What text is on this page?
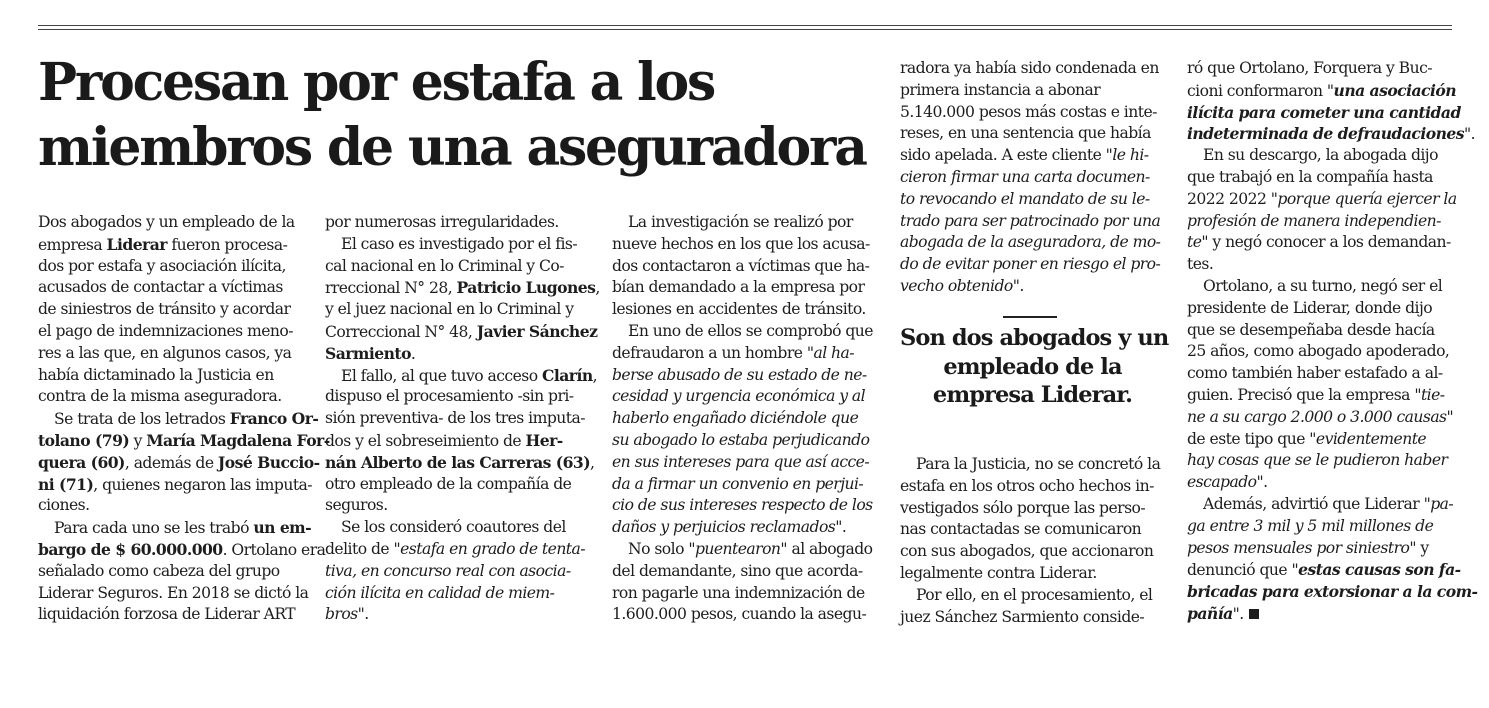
Procesan por estafa a los
miembros de una aseguradora
Dos abogados y un empleado de la
empresa Liderar fueron procesa-
dos por estafa y asociación ilícita,
acusados de contactar a víctimas
de siniestros de tránsito y acordar
el pago de indemnizaciones meno-
res a las que, en algunos casos, ya
había dictaminado la Justicia en
contra de la misma aseguradora.
Se trata de los letrados Franco Or-
tolano (79) y María Magdalena For-
quera (60), además de José Buccio-
ni (71), quienes negaron las imputa-
ciones.
Para cada uno se les trabó un em-
bargo de $ 60.000.000. Ortolano era
señalado como cabeza del grupo
Liderar Seguros. En 2018 se dictó la
liquidación forzosa de Liderar ART
por numerosas irregularidades.
El caso es investigado por el fis-
cal nacional en lo Criminal y Co-
rreccional N° 28, Patricio Lugones,
y el juez nacional en lo Criminal y
Correccional N° 48, Javier Sánchez
Sarmiento.
El fallo, al que tuvo acceso Clarín,
dispuso el procesamiento -sin pri-
sión preventiva- de los tres imputa-
dos y el sobreseimiento de Her-
nán Alberto de las Carreras (63),
otro empleado de la compañía de
seguros.
Se los consideró coautores del
delito de "estafa en grado de tenta-
tiva, en concurso real con asocia-
ción ilícita en calidad de miem-
bros".
La investigación se realizó por
nueve hechos en los que los acusa-
dos contactaron a víctimas que ha-
bían demandado a la empresa por
lesiones en accidentes de tránsito.
En uno de ellos se comprobó que
defraudaron a un hombre "al ha-
berse abusado de su estado de ne-
cesidad y urgencia económica y al
haberlo engañado diciéndole que
su abogado lo estaba perjudicando
en sus intereses para que así acce-
da a firmar un convenio en perjui-
cio de sus intereses respecto de los
daños y perjuicios reclamados".
No solo "puentearon" al abogado
del demandante, sino que acorda-
ron pagarle una indemnización de
1.600.000 pesos, cuando la asegu-
radora ya había sido condenada en
primera instancia a abonar
5.140.000 pesos más costas e inte-
reses, en una sentencia que había
sido apelada. A este cliente "le hi-
cieron firmar una carta documen-
to revocando el mandato de su le-
trado para ser patrocinado por una
abogada de la aseguradora, de mo-
do de evitar poner en riesgo el pro-
vecho obtenido".

Son dos abogados y un
empleado de la
empresa Liderar.

Para la Justicia, no se concretó la
estafa en los otros ocho hechos in-
vestigados sólo porque las perso-
nas contactadas se comunicaron
con sus abogados, que accionaron
legalmente contra Liderar.
Por ello, en el procesamiento, el
juez Sánchez Sarmiento conside-
ró que Ortolano, Forquera y Buc-
cioni conformaron "una asociación
ilícita para cometer una cantidad
indeterminada de defraudaciones".
En su descargo, la abogada dijo
que trabajó en la compañía hasta
2022 2022 "porque quería ejercer la
profesión de manera independien-
te" y negó conocer a los demandan-
tes.
Ortolano, a su turno, negó ser el
presidente de Liderar, donde dijo
que se desempeñaba desde hacía
25 años, como abogado apoderado,
como también haber estafado a al-
guien. Precisó que la empresa "tie-
ne a su cargo 2.000 o 3.000 causas"
de este tipo que "evidentemente
hay cosas que se le pudieron haber
escapado".
Además, advirtió que Liderar "pa-
ga entre 3 mil y 5 mil millones de
pesos mensuales por siniestro" y
denunció que "estas causas son fa-
bricadas para extorsionar a la com-
pañía".
